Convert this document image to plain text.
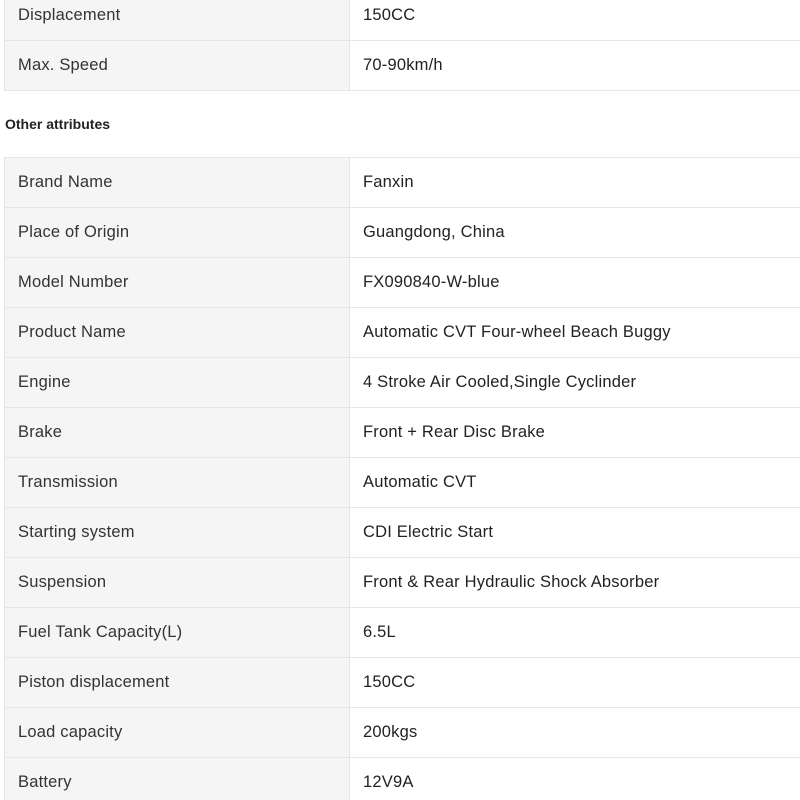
Displacement	150CC
Max. Speed	70-90km/h
Other attributes
Brand Name	Fanxin
Place of Origin	Guangdong, China
Model Number	FX090840-W-blue
Product Name	Automatic CVT Four-wheel Beach Buggy
Engine	4 Stroke Air Cooled,Single Cyclinder
Brake	Front + Rear Disc Brake
Transmission	Automatic CVT
Starting system	CDI Electric Start
Suspension	Front & Rear Hydraulic Shock Absorber
Fuel Tank Capacity(L)	6.5L
Piston displacement	150CC
Load capacity	200kgs
Battery	12V9A
